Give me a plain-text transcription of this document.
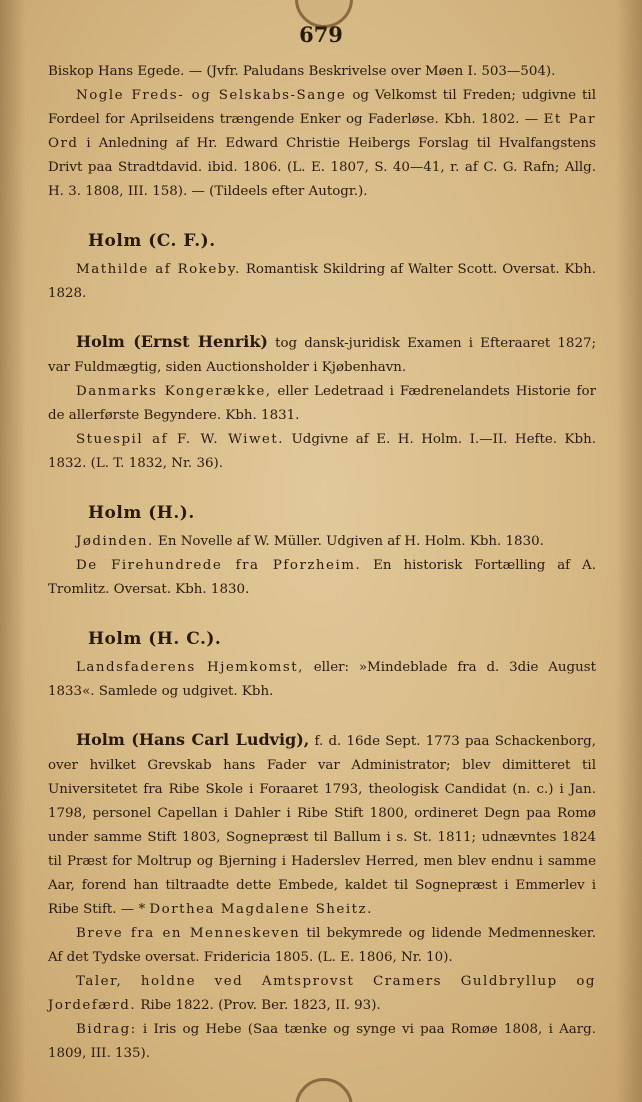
679

Biskop Hans Egede. — (Jvfr. Paludans Beskrivelse over Møen I. 503—504).

Nogle Freds- og Selskabs-Sange og Velkomst til Freden; udgivne til Fordeel for Aprilseidens trængende Enker og Faderløse. Kbh. 1802. — Et Par Ord i Anledning af Hr. Edward Christie Heibergs Forslag til Hvalfangstens Drivt paa Stradtdavid. ibid. 1806. (L. E. 1807, S. 40—41, r. af C. G. Rafn; Allg. H. 3. 1808, III. 158). — (Tildeels efter Autogr.).

Holm (C. F.).

Mathilde af Rokeby. Romantisk Skildring af Walter Scott. Oversat. Kbh. 1828.

Holm (Ernst Henrik) tog dansk-juridisk Examen i Efteraaret 1827; var Fuldmægtig, siden Auctionsholder i Kjøbenhavn.

Danmarks Kongerække, eller Ledetraad i Fædrenelandets Historie for de allerførste Begyndere. Kbh. 1831.

Stuespil af F. W. Wiwet. Udgivne af E. H. Holm. I.—II. Hefte. Kbh. 1832. (L. T. 1832, Nr. 36).

Holm (H.).

Jødinden. En Novelle af W. Müller. Udgiven af H. Holm. Kbh. 1830.

De Firehundrede fra Pforzheim. En historisk Fortælling af A. Tromlitz. Oversat. Kbh. 1830.

Holm (H. C.).

Landsfaderens Hjemkomst, eller: »Mindeblade fra d. 3die August 1833«. Samlede og udgivet. Kbh.

Holm (Hans Carl Ludvig), f. d. 16de Sept. 1773 paa Schackenborg, over hvilket Grevskab hans Fader var Administrator; blev dimitteret til Universitetet fra Ribe Skole i Foraaret 1793, theologisk Candidat (n. c.) i Jan. 1798, personel Capellan i Dahler i Ribe Stift 1800, ordineret Degn paa Romø under samme Stift 1803, Sognepræst til Ballum i s. St. 1811; udnævntes 1824 til Præst for Moltrup og Bjerning i Haderslev Herred, men blev endnu i samme Aar, forend han tiltraadte dette Embede, kaldet til Sognepræst i Emmerlev i Ribe Stift. — * Dorthea Magdalene Sheitz.

Breve fra en Menneskeven til bekymrede og lidende Medmennesker. Af det Tydske oversat. Fridericia 1805. (L. E. 1806, Nr. 10).

Taler, holdne ved Amtsprovst Cramers Guldbryllup og Jordefærd. Ribe 1822. (Prov. Ber. 1823, II. 93).

Bidrag: i Iris og Hebe (Saa tænke og synge vi paa Romøe 1808, i Aarg. 1809, III. 135).
